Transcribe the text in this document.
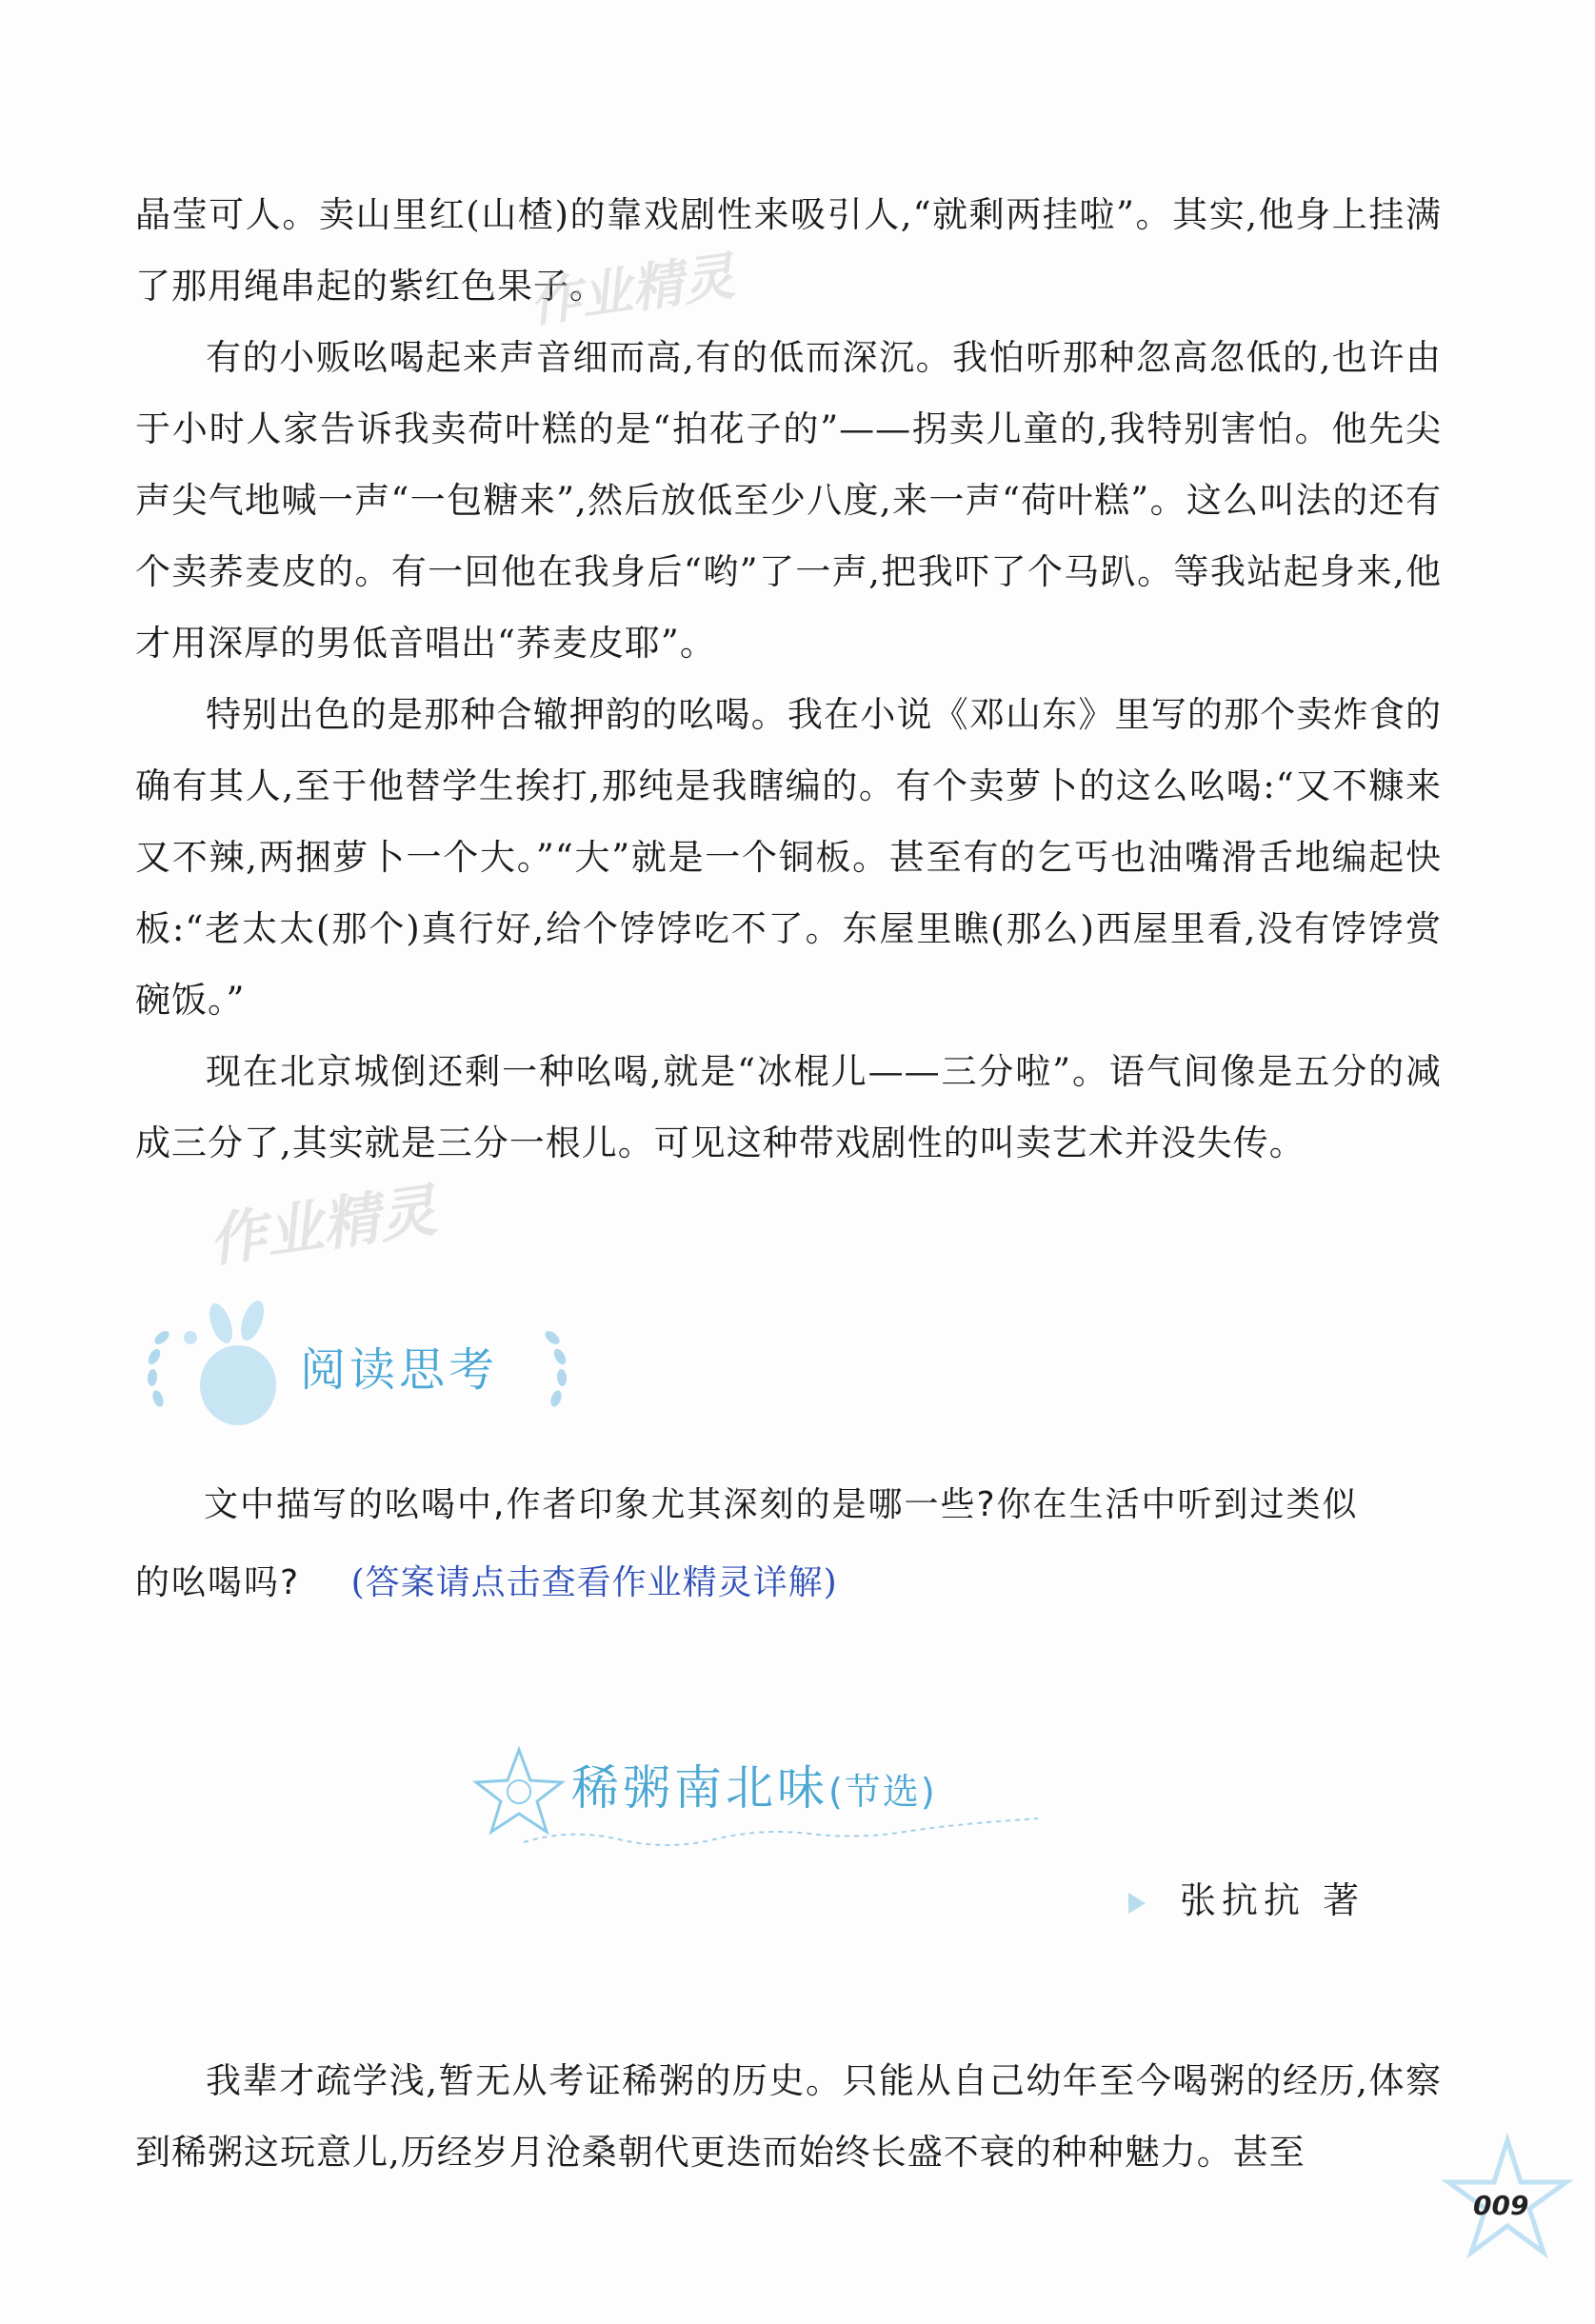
晶莹可人。卖山里红(山楂)的靠戏剧性来吸引人,“就剩两挂啦”。其实,他身上挂满了那用绳串起的紫红色果子。

有的小贩吆喝起来声音细而高,有的低而深沉。我怕听那种忽高忽低的,也许由于小时人家告诉我卖荷叶糕的是“拍花子的”——拐卖儿童的,我特别害怕。他先尖声尖气地喊一声“一包糖来”,然后放低至少八度,来一声“荷叶糕”。这么叫法的还有个卖荞麦皮的。有一回他在我身后“哟”了一声,把我吓了个马趴。等我站起身来,他才用深厚的男低音唱出“荞麦皮耶”。

特别出色的是那种合辙押韵的吆喝。我在小说《邓山东》里写的那个卖炸食的确有其人,至于他替学生挨打,那纯是我瞎编的。有个卖萝卜的这么吆喝:“又不糠来又不辣,两捆萝卜一个大。”“大”就是一个铜板。甚至有的乞丐也油嘴滑舌地编起快板:“老太太(那个)真行好,给个饽饽吃不了。东屋里瞧(那么)西屋里看,没有饽饽赏碗饭。”

现在北京城倒还剩一种吆喝,就是“冰棍儿——三分啦”。语气间像是五分的减成三分了,其实就是三分一根儿。可见这种带戏剧性的叫卖艺术并没失传。

作业精灵
作业精灵
阅读思考

文中描写的吆喝中,作者印象尤其深刻的是哪一些?你在生活中听到过类似

的吆喝吗? (答案请点击查看作业精灵详解)

稀粥南北味(节选)
张抗抗 著

我辈才疏学浅,暂无从考证稀粥的历史。只能从自己幼年至今喝粥的经历,体察到稀粥这玩意儿,历经岁月沧桑朝代更迭而始终长盛不衰的种种魅力。甚至

009
